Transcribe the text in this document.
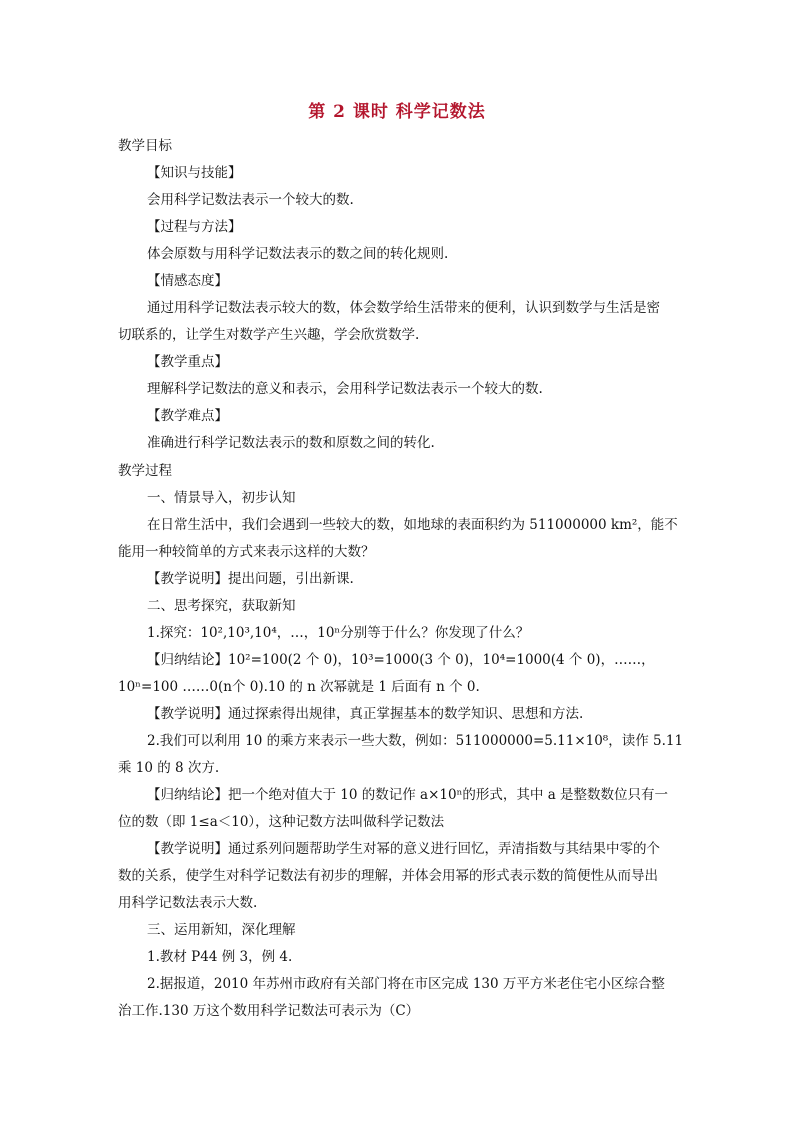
第 2 课时 科学记数法
教学目标
【知识与技能】
会用科学记数法表示一个较大的数.
【过程与方法】
体会原数与用科学记数法表示的数之间的转化规则.
【情感态度】
通过用科学记数法表示较大的数，体会数学给生活带来的便利，认识到数学与生活是密
切联系的，让学生对数学产生兴趣，学会欣赏数学.
【教学重点】
理解科学记数法的意义和表示，会用科学记数法表示一个较大的数.
【教学难点】
准确进行科学记数法表示的数和原数之间的转化.
教学过程
一、情景导入，初步认知
在日常生活中，我们会遇到一些较大的数，如地球的表面积约为 511000000 km²，能不
能用一种较简单的方式来表示这样的大数？
【教学说明】提出问题，引出新课.
二、思考探究，获取新知
1.探究：10²,10³,10⁴，…，10ⁿ分别等于什么？你发现了什么？
【归纳结论】10²=100(2 个 0)，10³=1000(3 个 0)，10⁴=1000(4 个 0)，……，
10ⁿ=100 ……0(n个 0).10 的 n 次幂就是 1 后面有 n 个 0.
【教学说明】通过探索得出规律，真正掌握基本的数学知识、思想和方法.
2.我们可以利用 10 的乘方来表示一些大数，例如：511000000=5.11×10⁸，读作 5.11
乘 10 的 8 次方.
【归纳结论】把一个绝对值大于 10 的数记作 a×10ⁿ的形式，其中 a 是整数数位只有一
位的数（即 1≤a＜10），这种记数方法叫做科学记数法
【教学说明】通过系列问题帮助学生对幂的意义进行回忆，弄清指数与其结果中零的个
数的关系，使学生对科学记数法有初步的理解，并体会用幂的形式表示数的简便性从而导出
用科学记数法表示大数.
三、运用新知，深化理解
1.教材 P44 例 3，例 4.
2.据报道，2010 年苏州市政府有关部门将在市区完成 130 万平方米老住宅小区综合整
治工作.130 万这个数用科学记数法可表示为（C）
